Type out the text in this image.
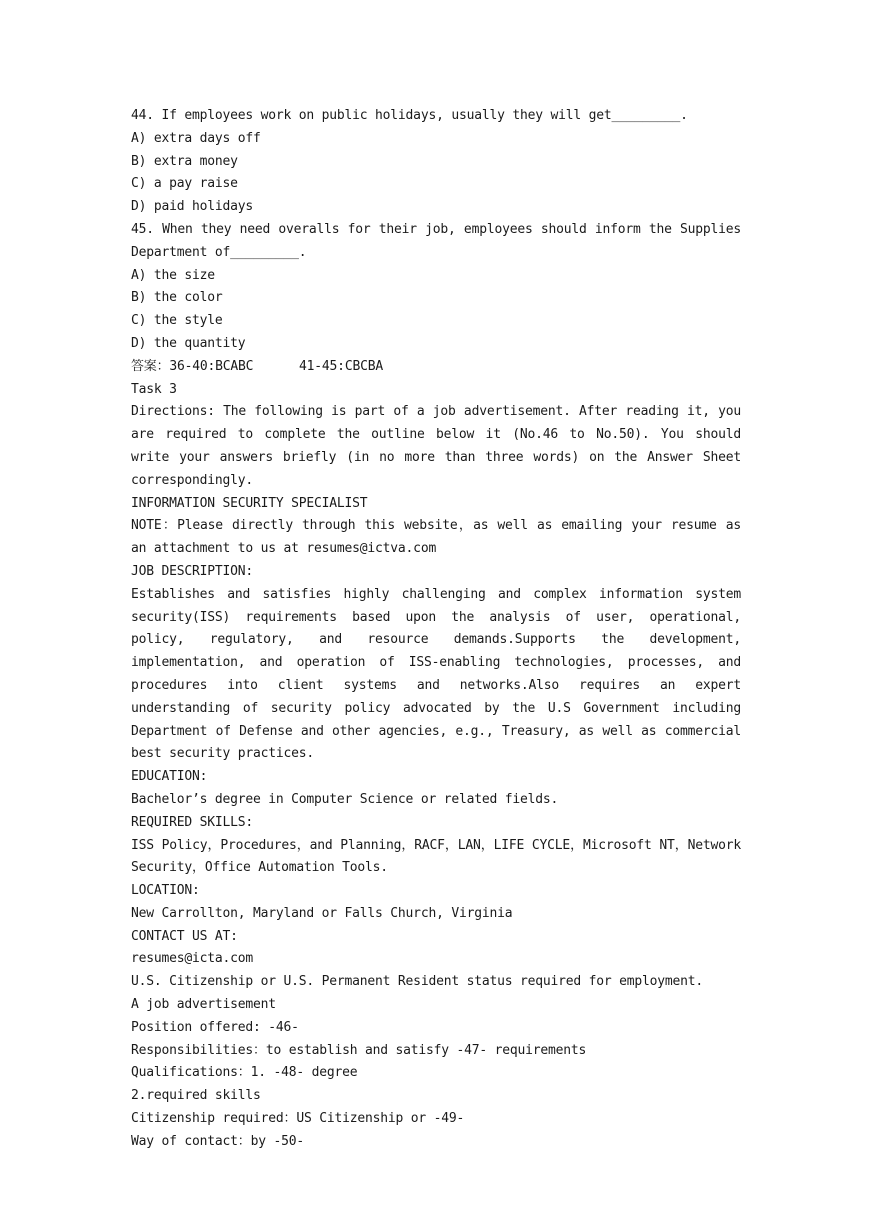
44. If employees work on public holidays, usually they will get_________.
A) extra days off
B) extra money
C) a pay raise
D) paid holidays
45. When they need overalls for their job, employees should inform the Supplies Department of_________.
A) the size
B) the color
C) the style
D) the quantity
答案：36-40:BCABC      41-45:CBCBA
Task 3
Directions: The following is part of a job advertisement. After reading it, you are required to complete the outline below it (No.46 to No.50). You should write your answers briefly (in no more than three words) on the Answer Sheet correspondingly.
INFORMATION SECURITY SPECIALIST
NOTE：Please directly through this website，as well as emailing your resume as an attachment to us at resumes@ictva.com
JOB DESCRIPTION:
Establishes and satisfies highly challenging and complex information system security(ISS) requirements based upon the analysis of user, operational, policy, regulatory, and resource demands.Supports the development, implementation, and operation of ISS-enabling technologies, processes, and procedures into client systems and networks.Also requires an expert understanding of security policy advocated by the U.S Government including Department of Defense and other agencies, e.g., Treasury, as well as commercial best security practices.
EDUCATION:
Bachelor’s degree in Computer Science or related fields.
REQUIRED SKILLS:
ISS Policy，Procedures，and Planning，RACF，LAN，LIFE CYCLE，Microsoft NT，Network Security，Office Automation Tools.
LOCATION:
New Carrollton, Maryland or Falls Church, Virginia
CONTACT US AT:
resumes@icta.com
U.S. Citizenship or U.S. Permanent Resident status required for employment.
A job advertisement
Position offered: -46-
Responsibilities：to establish and satisfy -47- requirements
Qualifications：1. -48- degree
2.required skills
Citizenship required：US Citizenship or -49-
Way of contact：by -50-
